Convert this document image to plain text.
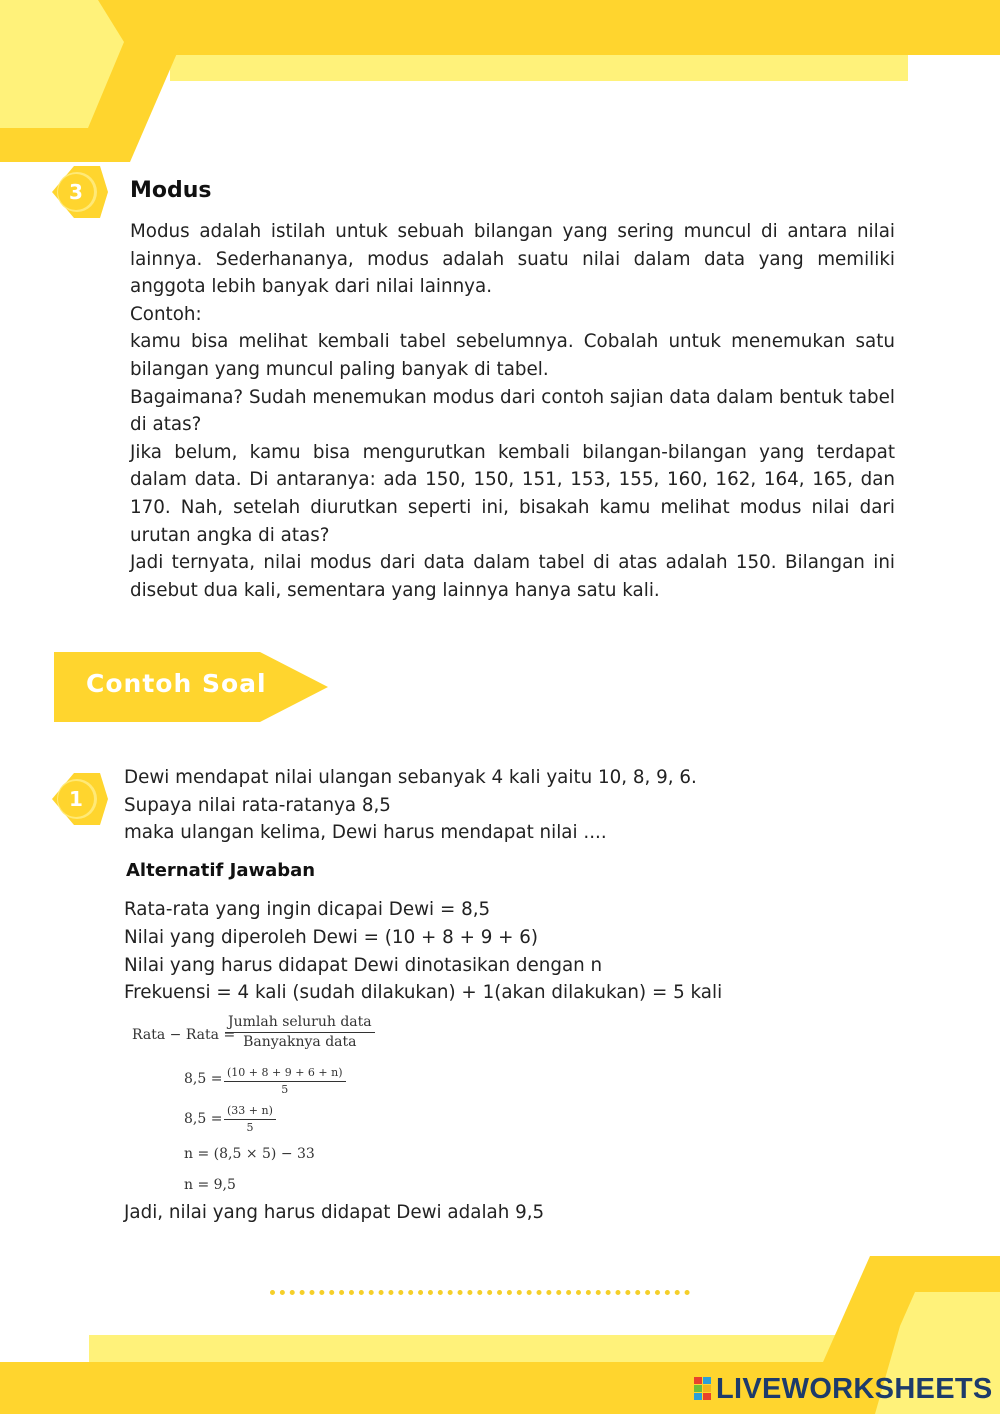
3	Modus

Modus adalah istilah untuk sebuah bilangan yang sering muncul di antara nilai lainnya. Sederhananya, modus adalah suatu nilai dalam data yang memiliki anggota lebih banyak dari nilai lainnya.

Contoh:

kamu bisa melihat kembali tabel sebelumnya. Cobalah untuk menemukan satu bilangan yang muncul paling banyak di tabel.

Bagaimana? Sudah menemukan modus dari contoh sajian data dalam bentuk tabel di atas?

Jika belum, kamu bisa mengurutkan kembali bilangan-bilangan yang terdapat dalam data. Di antaranya: ada 150, 150, 151, 153, 155, 160, 162, 164, 165, dan 170. Nah, setelah diurutkan seperti ini, bisakah kamu melihat modus nilai dari urutan angka di atas?

Jadi ternyata, nilai modus dari data dalam tabel di atas adalah 150. Bilangan ini disebut dua kali, sementara yang lainnya hanya satu kali.

Contoh Soal
1

Dewi mendapat nilai ulangan sebanyak 4 kali yaitu 10, 8, 9, 6.

Supaya nilai rata-ratanya 8,5

maka ulangan kelima, Dewi harus mendapat nilai ....

Alternatif Jawaban

Rata-rata yang ingin dicapai Dewi = 8,5

Nilai yang diperoleh Dewi = (10 + 8 + 9 + 6)

Nilai yang harus didapat Dewi dinotasikan dengan n

Frekuensi = 4 kali (sudah dilakukan) + 1(akan dilakukan) = 5 kali

Rata − Rata =
Jumlah seluruh data
Banyaknya data
$8,5 = \frac{(10 + 8 + 9 + 6 + n)}{5}$
$8,5 = \frac{(33 + n)}{5}$
n = (8,5 × 5) − 33
n = 9,5
Jadi, nilai yang harus didapat Dewi adalah 9,5
LIVEWORKSHEETS
